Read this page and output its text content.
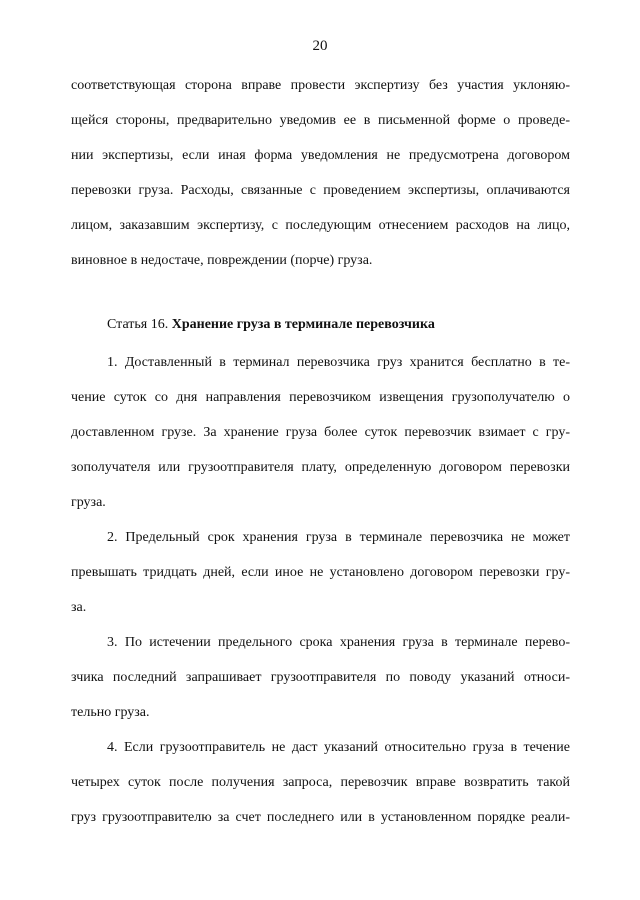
20
соответствующая сторона вправе провести экспертизу без участия уклоняю-
щейся стороны, предварительно уведомив ее в письменной форме о проведе-
нии экспертизы, если иная форма уведомления не предусмотрена договором
перевозки груза. Расходы, связанные с проведением экспертизы, оплачиваются
лицом, заказавшим экспертизу, с последующим отнесением расходов на лицо,
виновное в недостаче, повреждении (порче) груза.
Статья 16. Хранение груза в терминале перевозчика
1. Доставленный в терминал перевозчика груз хранится бесплатно в те-
чение суток со дня направления перевозчиком извещения грузополучателю о
доставленном грузе. За хранение груза более суток перевозчик взимает с гру-
зополучателя или грузоотправителя плату, определенную договором перевозки
груза.
2. Предельный срок хранения груза в терминале перевозчика не может
превышать тридцать дней, если иное не установлено договором перевозки гру-
за.
3. По истечении предельного срока хранения груза в терминале перево-
зчика последний запрашивает грузоотправителя по поводу указаний относи-
тельно груза.
4. Если грузоотправитель не даст указаний относительно груза в течение
четырех суток после получения запроса, перевозчик вправе возвратить такой
груз грузоотправителю за счет последнего или в установленном порядке реали-
